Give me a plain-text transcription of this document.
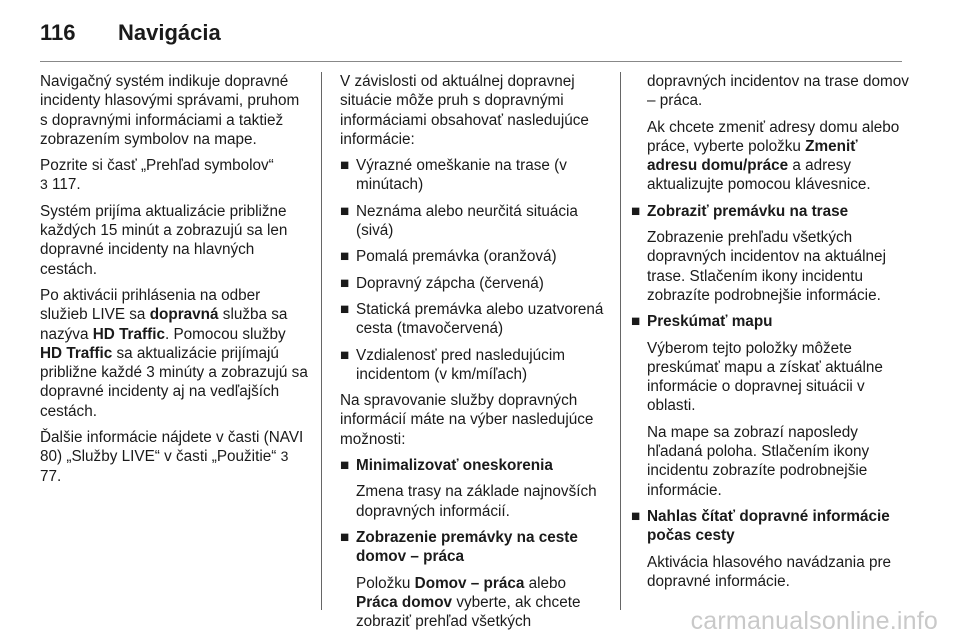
116	Navigácia

Navigačný systém indikuje dopravné incidenty hlasovými správami, pruhom s dopravnými informáciami a taktiež zobrazením symbolov na mape.

Pozrite si časť „Prehľad symbolov“
3 117.

Systém prijíma aktualizácie približne každých 15 minút a zobrazujú sa len dopravné incidenty na hlavných cestách.

Po aktivácii prihlásenia na odber služieb LIVE sa dopravná služba sa nazýva HD Traffic. Pomocou služby HD Traffic sa aktualizácie prijímajú približne každé 3 minúty a zobrazujú sa dopravné incidenty aj na vedľajších cestách.

Ďalšie informácie nájdete v časti (NAVI 80) „Služby LIVE“ v časti „Použitie“ 3 77.

V závislosti od aktuálnej dopravnej situácie môže pruh s dopravnými informáciami obsahovať nasledujúce informácie:

■ Výrazné omeškanie na trase (v minútach)
■ Neznáma alebo neurčitá situácia (sivá)
■ Pomalá premávka (oranžová)
■ Dopravný zápcha (červená)
■ Statická premávka alebo uzatvorená cesta (tmavočervená)
■ Vzdialenosť pred nasledujúcim incidentom (v km/míľach)

Na spravovanie služby dopravných informácií máte na výber nasledujúce možnosti:

■ Minimalizovať oneskorenia

Zmena trasy na základe najnovších dopravných informácií.

■ Zobrazenie premávky na ceste domov – práca

Položku Domov – práca alebo Práca domov vyberte, ak chcete zobraziť prehľad všetkých

dopravných incidentov na trase domov – práca.

Ak chcete zmeniť adresy domu alebo práce, vyberte položku Zmeniť adresu domu/práce a adresy aktualizujte pomocou klávesnice.

■ Zobraziť premávku na trase

Zobrazenie prehľadu všetkých dopravných incidentov na aktuálnej trase. Stlačením ikony incidentu zobrazíte podrobnejšie informácie.

■ Preskúmať mapu

Výberom tejto položky môžete preskúmať mapu a získať aktuálne informácie o dopravnej situácii v oblasti.

Na mape sa zobrazí naposledy hľadaná poloha. Stlačením ikony incidentu zobrazíte podrobnejšie informácie.

■ Nahlas čítať dopravné informácie počas cesty

Aktivácia hlasového navádzania pre dopravné informácie.

carmanualsonline.info
